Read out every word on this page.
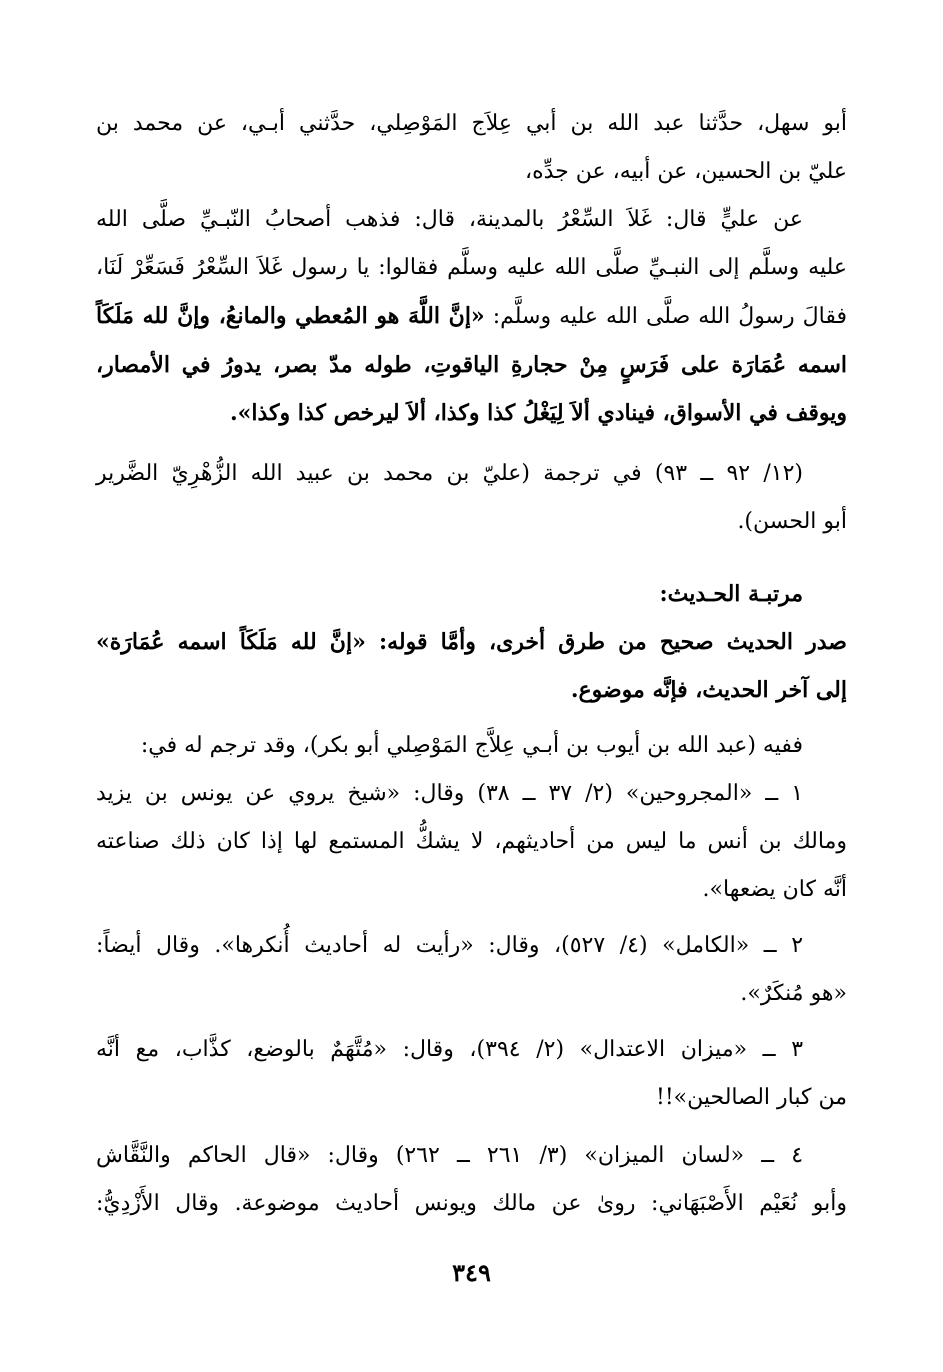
أبو سهل، حدَّثنا عبد الله بن أبي عِلاَج المَوْصِلي، حدَّثني أبـي، عن محمد بن
عليّ بن الحسين، عن أبيه، عن جدِّه،
عن عليٍّ قال: غَلاَ السِّعْرُ بالمدينة، قال: فذهب أصحابُ النّبـيِّ صلَّى الله
عليه وسلَّم إلى النبـيِّ صلَّى الله عليه وسلَّم فقالوا: يا رسول غَلاَ السِّعْرُ فَسَعِّرْ لَنَا،
فقالَ رسولُ الله صلَّى الله عليه وسلَّم: «إنَّ اللَّهَ هو المُعطي والمانعُ، وإنَّ لله مَلَكَاً
اسمه عُمَارَة على فَرَسٍ مِنْ حجارةِ الياقوتِ، طوله مدّ بصر، يدورُ في الأمصار،
ويوقف في الأسواق، فينادي ألاَ لِيَغْلُ كذا وكذا، ألاَ ليرخص كذا وكذا».
(١٢/ ٩٢ ــ ٩٣) في ترجمة (عليّ بن محمد بن عبيد الله الزُّهْرِيّ الضَّرير
أبو الحسن).
مرتبـة الحـديث:
صدر الحديث صحيح من طرق أخرى، وأمَّا قوله: «إنَّ لله مَلَكَاً اسمه عُمَارَة»
إلى آخر الحديث، فإنَّه موضوع.
ففيه (عبد الله بن أيوب بن أبـي عِلاَّج المَوْصِلي أبو بكر)، وقد ترجم له في:
١ ــ «المجروحين» (٢/ ٣٧ ــ ٣٨) وقال: «شيخ يروي عن يونس بن يزيد
ومالك بن أنس ما ليس من أحاديثهم، لا يشكُّ المستمع لها إذا كان ذلك صناعته
أنَّه كان يضعها».
٢ ــ «الكامل» (٤/ ٥٢٧)، وقال: «رأيت له أحاديث أُنكرها». وقال أيضاً:
«هو مُنكَرٌ».
٣ ــ «ميزان الاعتدال» (٢/ ٣٩٤)، وقال: «مُتَّهَمٌ بالوضع، كذَّاب، مع أنَّه
من كبار الصالحين»!!
٤ ــ «لسان الميزان» (٣/ ٢٦١ ــ ٢٦٢) وقال: «قال الحاكم والنَّقَّاش
وأبو نُعَيْم الأَصْبَهَاني: روىٰ عن مالك ويونس أحاديث موضوعة. وقال الأَزْدِيُّ:
٣٤٩
